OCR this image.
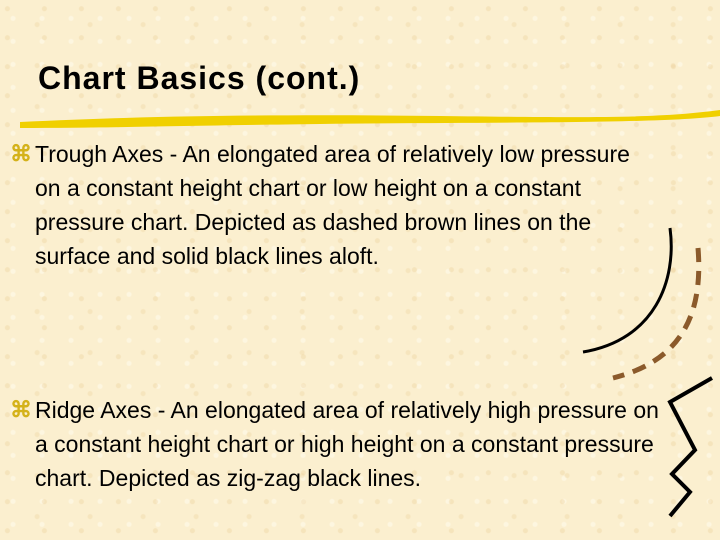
Chart Basics (cont.)
⌘ Trough Axes - An elongated area of relatively low pressure on a constant height chart or low height on a constant pressure chart. Depicted as dashed brown lines on the surface and solid black lines aloft.
⌘ Ridge Axes - An elongated area of relatively high pressure on a constant height chart or high height on a constant pressure chart. Depicted as zig-zag black lines.
